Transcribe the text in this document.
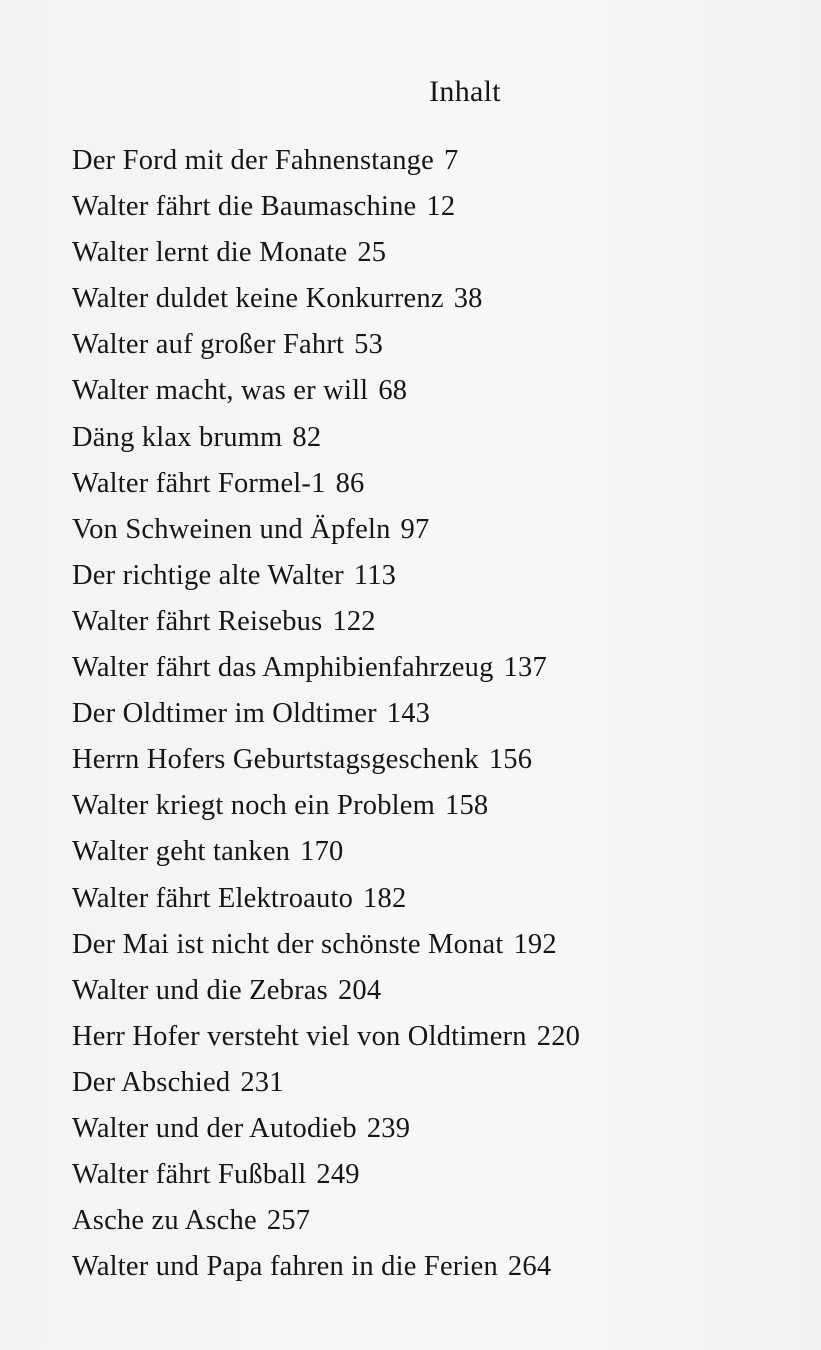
Inhalt
Der Ford mit der Fahnenstange 7
Walter fährt die Baumaschine 12
Walter lernt die Monate 25
Walter duldet keine Konkurrenz 38
Walter auf großer Fahrt 53
Walter macht, was er will 68
Däng klax brumm 82
Walter fährt Formel-1 86
Von Schweinen und Äpfeln 97
Der richtige alte Walter 113
Walter fährt Reisebus 122
Walter fährt das Amphibienfahrzeug 137
Der Oldtimer im Oldtimer 143
Herrn Hofers Geburtstagsgeschenk 156
Walter kriegt noch ein Problem 158
Walter geht tanken 170
Walter fährt Elektroauto 182
Der Mai ist nicht der schönste Monat 192
Walter und die Zebras 204
Herr Hofer versteht viel von Oldtimern 220
Der Abschied 231
Walter und der Autodieb 239
Walter fährt Fußball 249
Asche zu Asche 257
Walter und Papa fahren in die Ferien 264
